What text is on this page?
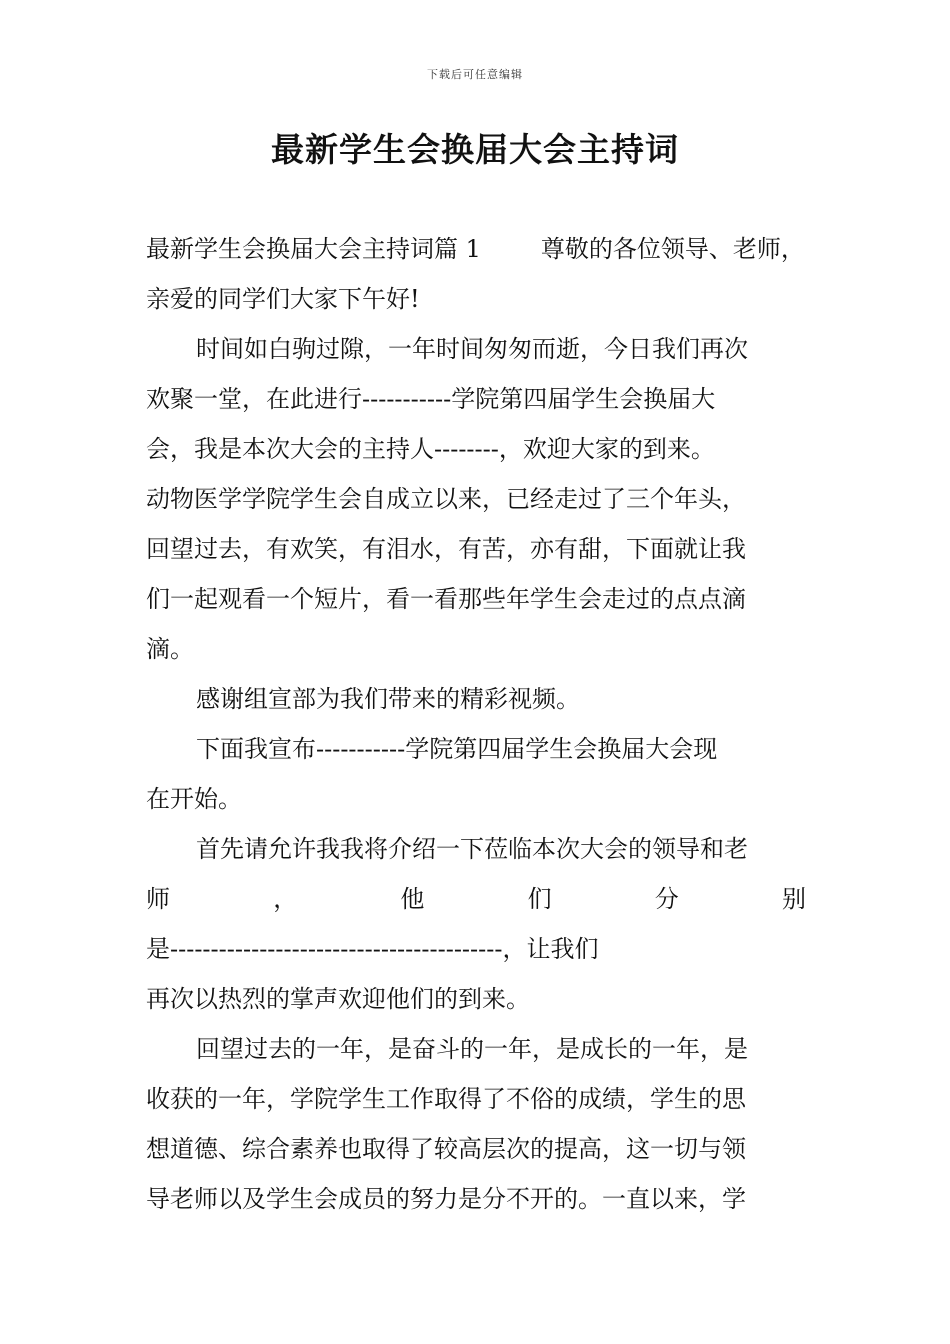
下载后可任意编辑
最新学生会换届大会主持词
最新学生会换届大会主持词篇 1	尊敬的各位领导、老师，
亲爱的同学们大家下午好!
时间如白驹过隙，一年时间匆匆而逝，今日我们再次
欢聚一堂，在此进行-----------学院第四届学生会换届大
会，我是本次大会的主持人--------，欢迎大家的到来。
动物医学学院学生会自成立以来，已经走过了三个年头，
回望过去，有欢笑，有泪水，有苦，亦有甜，下面就让我
们一起观看一个短片，看一看那些年学生会走过的点点滴
滴。
感谢组宣部为我们带来的精彩视频。
下面我宣布-----------学院第四届学生会换届大会现
在开始。
首先请允许我我将介绍一下莅临本次大会的领导和老
师	，	他	们	分	别
是-----------------------------------------，让我们
再次以热烈的掌声欢迎他们的到来。
回望过去的一年，是奋斗的一年，是成长的一年，是
收获的一年，学院学生工作取得了不俗的成绩，学生的思
想道德、综合素养也取得了较高层次的提高，这一切与领
导老师以及学生会成员的努力是分不开的。一直以来，学
